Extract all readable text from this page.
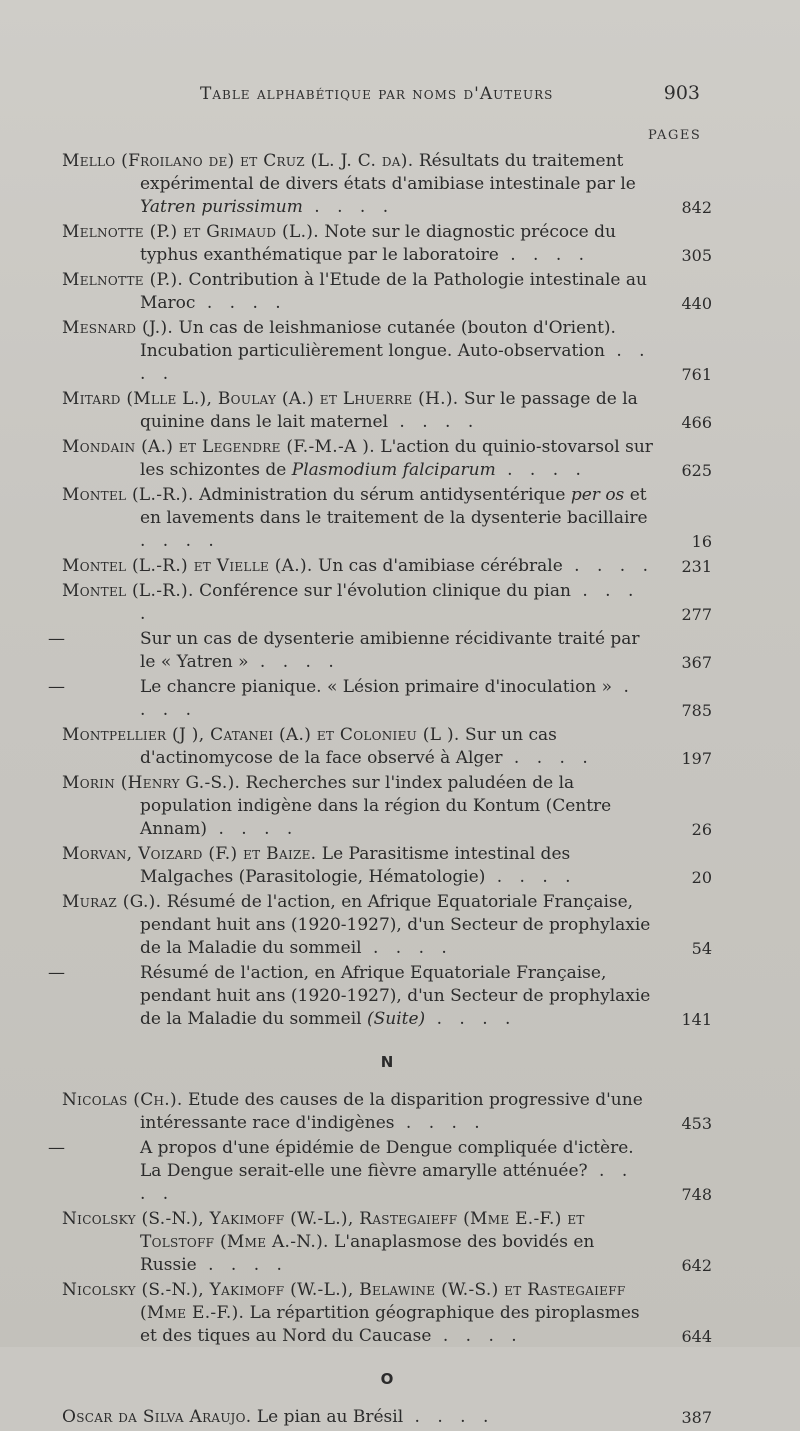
Table alphabétique par noms d'Auteurs	903
PAGES
Mello (Froilano de) et Cruz (L. J. C. da). Résultats du traitement expérimental de divers états d'amibiase intestinale par le Yatren purissimum . . . .	842
Melnotte (P.) et Grimaud (L.). Note sur le diagnostic précoce du typhus exanthématique par le laboratoire . . . .	305
Melnotte (P.). Contribution à l'Etude de la Pathologie intestinale au Maroc . . . .	440
Mesnard (J.). Un cas de leishmaniose cutanée (bouton d'Orient). Incubation particulièrement longue. Auto-observation . . . .	761
Mitard (Mlle L.), Boulay (A.) et Lhuerre (H.). Sur le passage de la quinine dans le lait maternel . . . .	466
Mondain (A.) et Legendre (F.-M.-A ). L'action du quinio-stovarsol sur les schizontes de Plasmodium falciparum . . . .	625
Montel (L.-R.). Administration du sérum antidysentérique per os et en lavements dans le traitement de la dysenterie bacillaire . . . .	16
Montel (L.-R.) et Vielle (A.). Un cas d'amibiase cérébrale . . . . 231
Montel (L.-R.). Conférence sur l'évolution clinique du pian . . . .	277
—	Sur un cas de dysenterie amibienne récidivante traité par le « Yatren » . . . .	367
—	Le chancre pianique. « Lésion primaire d'inoculation » . . . .	785
Montpellier (J ), Catanei (A.) et Colonieu (L ). Sur un cas d'actinomycose de la face observé à Alger . . . .	197
Morin (Henry G.-S.). Recherches sur l'index paludéen de la population indigène dans la région du Kontum (Centre Annam) . . . .	26
Morvan, Voizard (F.) et Baize. Le Parasitisme intestinal des Malgaches (Parasitologie, Hématologie) . . . .	20
Muraz (G.). Résumé de l'action, en Afrique Equatoriale Française, pendant huit ans (1920-1927), d'un Secteur de prophylaxie de la Maladie du sommeil . . . .	54
—	Résumé de l'action, en Afrique Equatoriale Française, pendant huit ans (1920-1927), d'un Secteur de prophylaxie de la Maladie du sommeil (Suite) . . . .	141
N
Nicolas (Ch.). Etude des causes de la disparition progressive d'une intéressante race d'indigènes . . . .	453
—	A propos d'une épidémie de Dengue compliquée d'ictère. La Dengue serait-elle une fièvre amarylle atténuée? . . . .	748
Nicolsky (S.-N.), Yakimoff (W.-L.), Rastegaieff (Mme E.-F.) et Tolstoff (Mme A.-N.). L'anaplasmose des bovidés en Russie . . . .	642
Nicolsky (S.-N.), Yakimoff (W.-L.), Belawine (W.-S.) et Rastegaieff (Mme E.-F.). La répartition géographique des piroplasmes et des tiques au Nord du Caucase . . . .	644
O
Oscar da Silva Araujo. Le pian au Brésil . . . .	387
